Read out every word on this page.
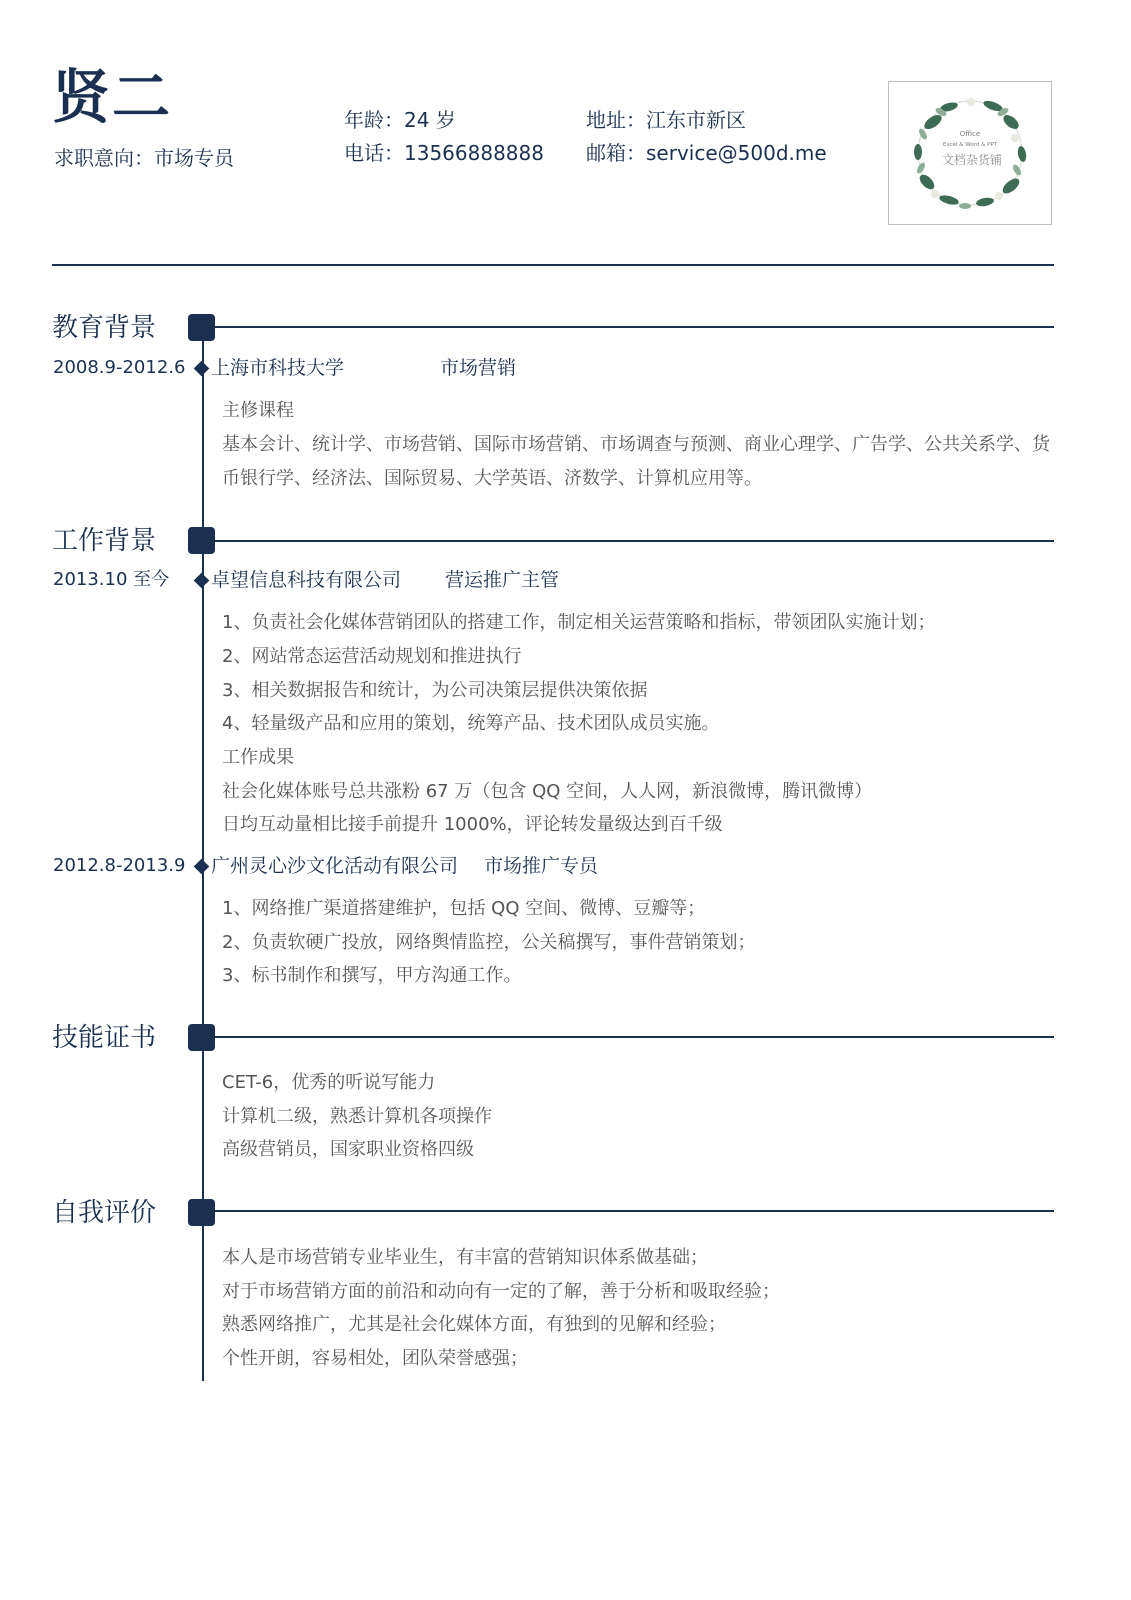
贤二
求职意向：市场专员
年龄：24 岁
电话：13566888888
地址：江东市新区
邮箱：service@500d.me
Office
Excel & Word & PPT
文档杂货铺
教育背景
2008.9-2012.6 上海市科技大学	市场营销
主修课程
基本会计、统计学、市场营销、国际市场营销、市场调查与预测、商业心理学、广告学、公共关系学、货币银行学、经济法、国际贸易、大学英语、济数学、计算机应用等。
工作背景
2013.10 至今 卓望信息科技有限公司 营运推广主管
1、负责社会化媒体营销团队的搭建工作，制定相关运营策略和指标，带领团队实施计划；
2、网站常态运营活动规划和推进执行
3、相关数据报告和统计，为公司决策层提供决策依据
4、轻量级产品和应用的策划，统筹产品、技术团队成员实施。
工作成果
社会化媒体账号总共涨粉 67 万（包含 QQ 空间，人人网，新浪微博，腾讯微博）
日均互动量相比接手前提升 1000%，评论转发量级达到百千级
2012.8-2013.9 广州灵心沙文化活动有限公司 市场推广专员
1、网络推广渠道搭建维护，包括 QQ 空间、微博、豆瓣等；
2、负责软硬广投放，网络舆情监控，公关稿撰写，事件营销策划；
3、标书制作和撰写，甲方沟通工作。
技能证书
CET-6，优秀的听说写能力
计算机二级，熟悉计算机各项操作
高级营销员，国家职业资格四级
自我评价
本人是市场营销专业毕业生，有丰富的营销知识体系做基础；
对于市场营销方面的前沿和动向有一定的了解，善于分析和吸取经验；
熟悉网络推广，尤其是社会化媒体方面，有独到的见解和经验；
个性开朗，容易相处，团队荣誉感强；
